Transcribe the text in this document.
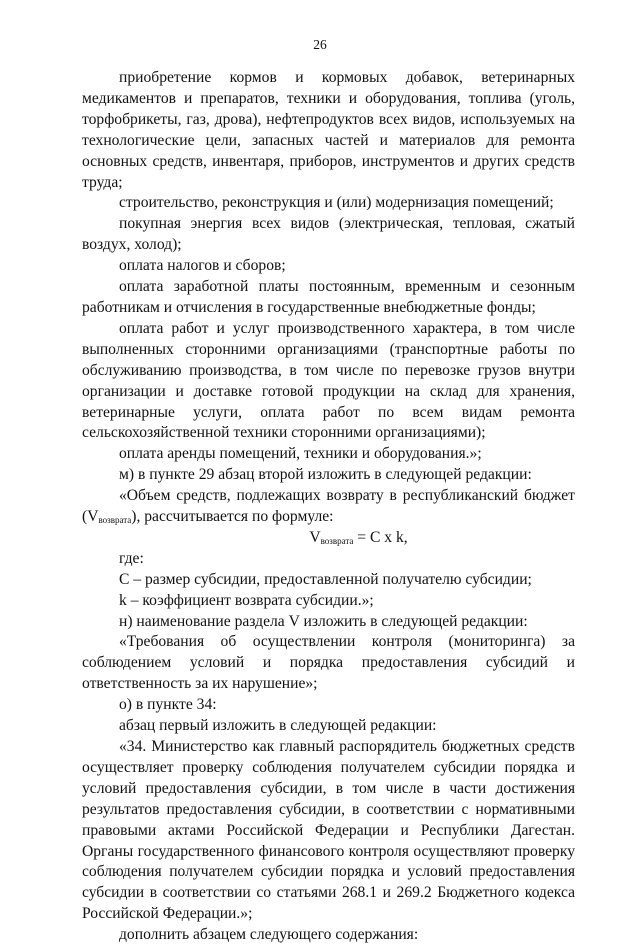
26

приобретение кормов и кормовых добавок, ветеринарных медикаментов и препаратов, техники и оборудования, топлива (уголь, торфобрикеты, газ, дрова), нефтепродуктов всех видов, используемых на технологические цели, запасных частей и материалов для ремонта основных средств, инвентаря, приборов, инструментов и других средств труда;

строительство, реконструкция и (или) модернизация помещений;

покупная энергия всех видов (электрическая, тепловая, сжатый воздух, холод);

оплата налогов и сборов;

оплата заработной платы постоянным, временным и сезонным работникам и отчисления в государственные внебюджетные фонды;

оплата работ и услуг производственного характера, в том числе выполненных сторонними организациями (транспортные работы по обслуживанию производства, в том числе по перевозке грузов внутри организации и доставке готовой продукции на склад для хранения, ветеринарные услуги, оплата работ по всем видам ремонта сельскохозяйственной техники сторонними организациями);

оплата аренды помещений, техники и оборудования.»;

м) в пункте 29 абзац второй изложить в следующей редакции:

«Объем средств, подлежащих возврату в республиканский бюджет $(V_{возврата})$, рассчитывается по формуле:

$V_{возврата} = C$ x k,

где:

C – размер субсидии, предоставленной получателю субсидии;

k – коэффициент возврата субсидии.»;

н) наименование раздела V изложить в следующей редакции:

«Требования об осуществлении контроля (мониторинга) за соблюдением условий и порядка предоставления субсидий и ответственность за их нарушение»;

о) в пункте 34:

абзац первый изложить в следующей редакции:

«34. Министерство как главный распорядитель бюджетных средств осуществляет проверку соблюдения получателем субсидии порядка и условий предоставления субсидии, в том числе в части достижения результатов предоставления субсидии, в соответствии с нормативными правовыми актами Российской Федерации и Республики Дагестан. Органы государственного финансового контроля осуществляют проверку соблюдения получателем субсидии порядка и условий предоставления субсидии в соответствии со статьями 268.1 и 269.2 Бюджетного кодекса Российской Федерации.»;

дополнить абзацем следующего содержания:
